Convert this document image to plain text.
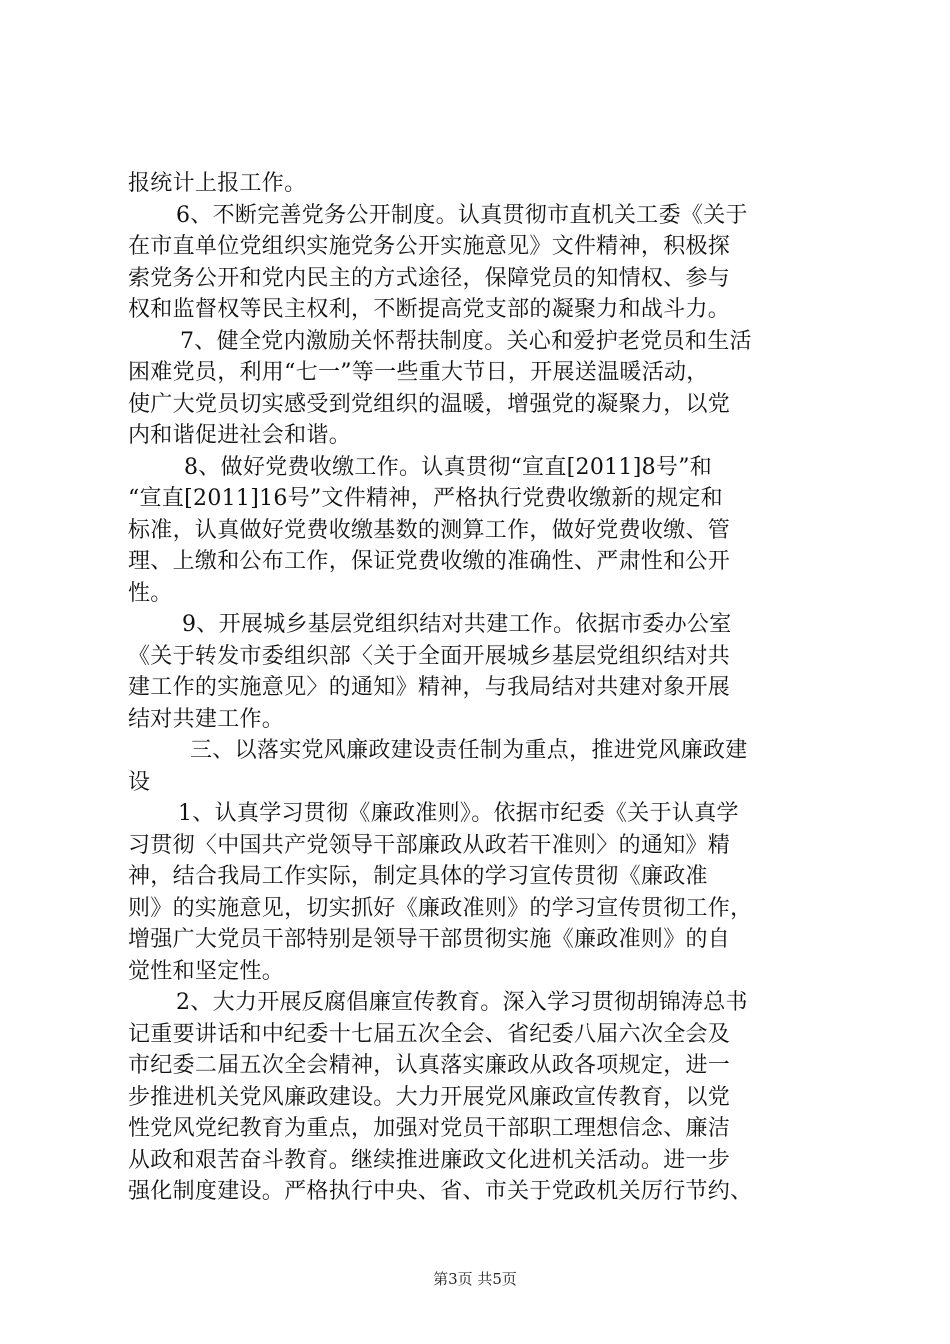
报统计上报工作。
6、不断完善党务公开制度。认真贯彻市直机关工委《关于
在市直单位党组织实施党务公开实施意见》文件精神，积极探
索党务公开和党内民主的方式途径，保障党员的知情权、参与
权和监督权等民主权利，不断提高党支部的凝聚力和战斗力。
7、健全党内激励关怀帮扶制度。关心和爱护老党员和生活
困难党员，利用“七一”等一些重大节日，开展送温暖活动，
使广大党员切实感受到党组织的温暖，增强党的凝聚力，以党
内和谐促进社会和谐。
8、做好党费收缴工作。认真贯彻“宣直[2011]8号”和
“宣直[2011]16号”文件精神，严格执行党费收缴新的规定和
标准，认真做好党费收缴基数的测算工作，做好党费收缴、管
理、上缴和公布工作，保证党费收缴的准确性、严肃性和公开
性。
9、开展城乡基层党组织结对共建工作。依据市委办公室
《关于转发市委组织部〈关于全面开展城乡基层党组织结对共
建工作的实施意见〉的通知》精神，与我局结对共建对象开展
结对共建工作。
三、以落实党风廉政建设责任制为重点，推进党风廉政建
设
1、认真学习贯彻《廉政准则》。依据市纪委《关于认真学
习贯彻〈中国共产党领导干部廉政从政若干准则〉的通知》精
神，结合我局工作实际，制定具体的学习宣传贯彻《廉政准
则》的实施意见，切实抓好《廉政准则》的学习宣传贯彻工作，
增强广大党员干部特别是领导干部贯彻实施《廉政准则》的自
觉性和坚定性。
2、大力开展反腐倡廉宣传教育。深入学习贯彻胡锦涛总书
记重要讲话和中纪委十七届五次全会、省纪委八届六次全会及
市纪委二届五次全会精神，认真落实廉政从政各项规定，进一
步推进机关党风廉政建设。大力开展党风廉政宣传教育，以党
性党风党纪教育为重点，加强对党员干部职工理想信念、廉洁
从政和艰苦奋斗教育。继续推进廉政文化进机关活动。进一步
强化制度建设。严格执行中央、省、市关于党政机关厉行节约、
第3页 共5页
